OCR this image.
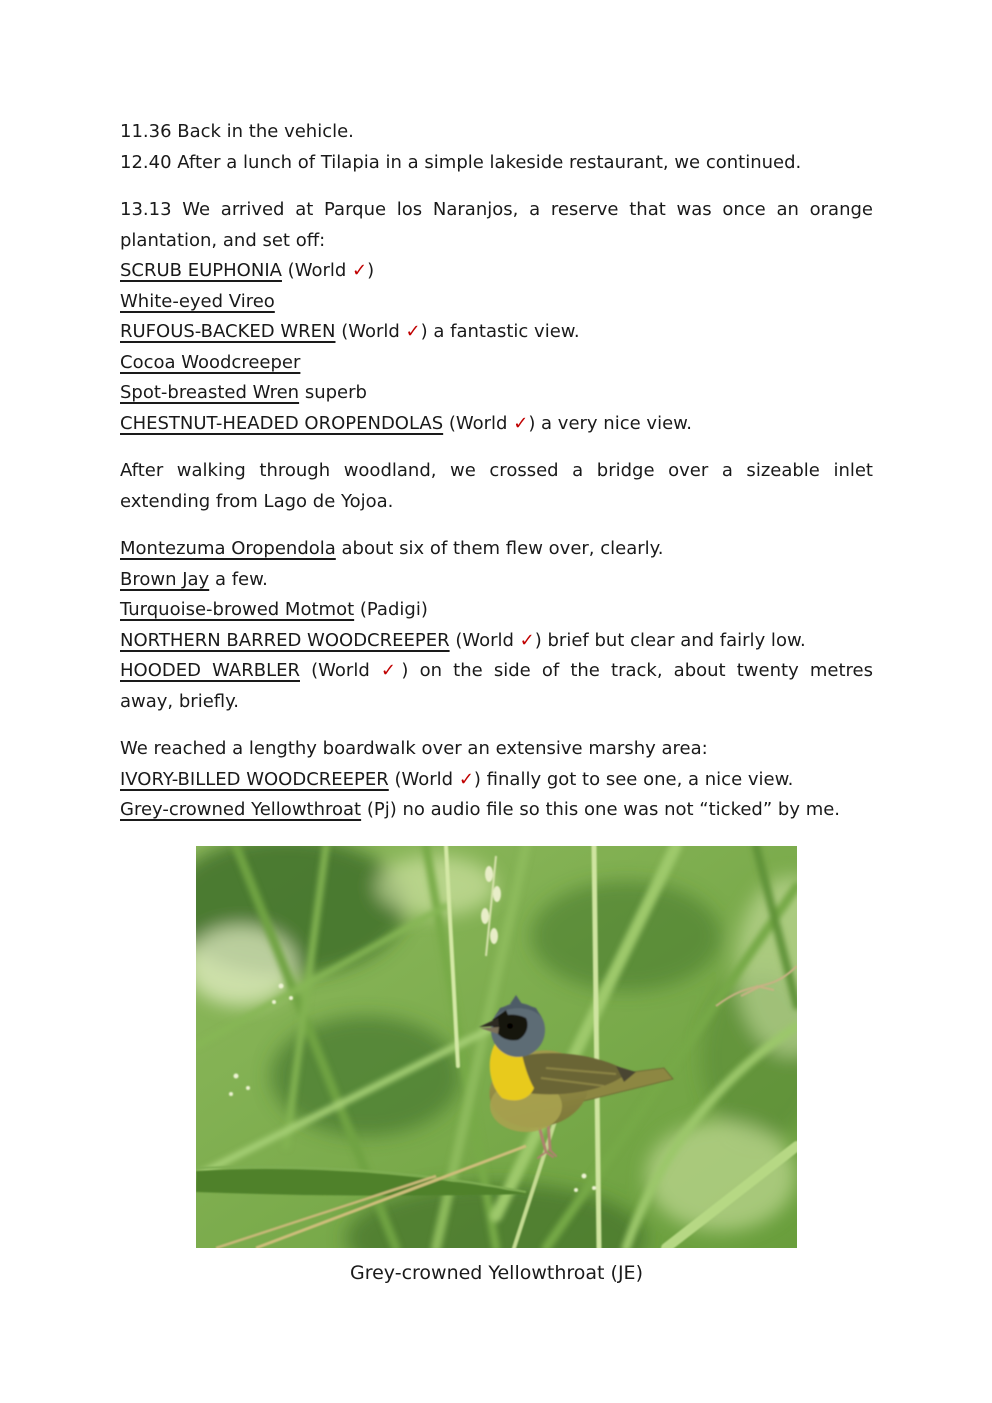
11.36 Back in the vehicle.
12.40 After a lunch of Tilapia in a simple lakeside restaurant, we continued.
13.13 We arrived at Parque los Naranjos, a reserve that was once an orange
plantation, and set off:
SCRUB EUPHONIA (World ✓)
White-eyed Vireo
RUFOUS-BACKED WREN (World ✓) a fantastic view.
Cocoa Woodcreeper
Spot-breasted Wren superb
CHESTNUT-HEADED OROPENDOLAS (World ✓) a very nice view.
After walking through woodland, we crossed a bridge over a sizeable inlet
extending from Lago de Yojoa.
Montezuma Oropendola about six of them flew over, clearly.
Brown Jay a few.
Turquoise-browed Motmot (Padigi)
NORTHERN BARRED WOODCREEPER (World ✓) brief but clear and fairly low.
HOODED WARBLER (World ✓) on the side of the track, about twenty metres
away, briefly.
We reached a lengthy boardwalk over an extensive marshy area:
IVORY-BILLED WOODCREEPER (World ✓) finally got to see one, a nice view.
Grey-crowned Yellowthroat (Pj) no audio file so this one was not “ticked” by me.
Grey-crowned Yellowthroat (JE)
